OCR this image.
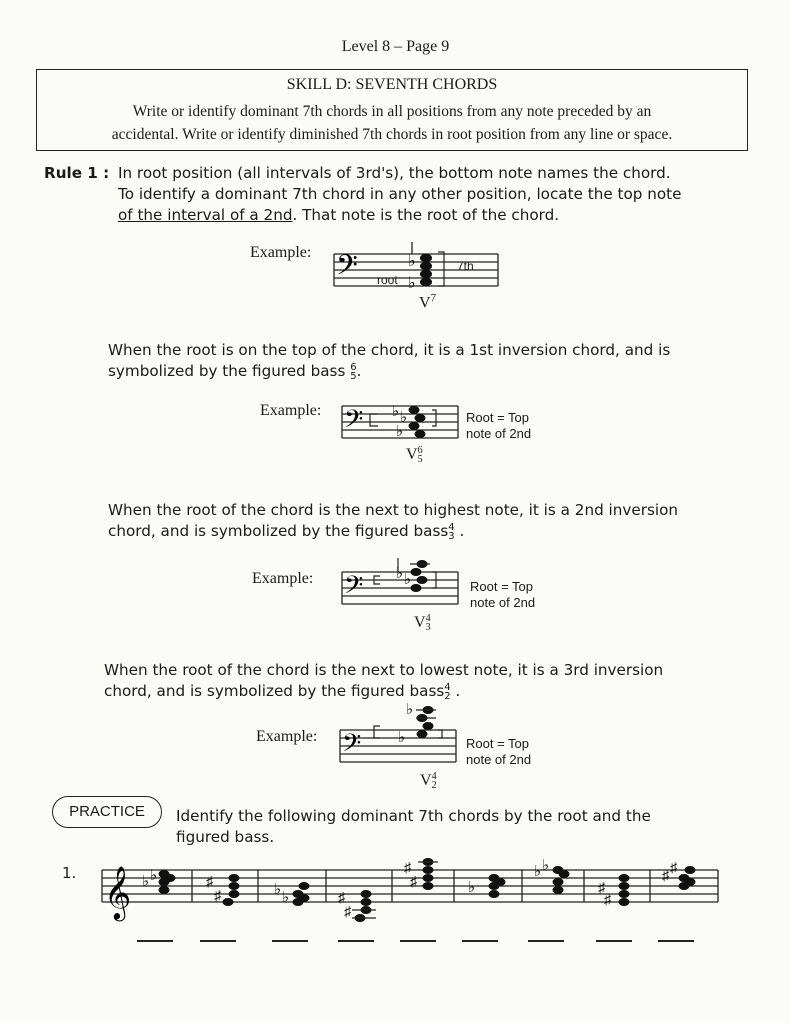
Level 8 – Page 9
SKILL D: SEVENTH CHORDS
Write or identify dominant 7th chords in all positions from any note preceded by an
accidental. Write or identify diminished 7th chords in root position from any line or space.
Rule 1 : In root position (all intervals of 3rd's), the bottom note names the chord.
To identify a dominant 7th chord in any other position, locate the top note
of the interval of a 2nd. That note is the root of the chord.
Example: 𝄢	♭
♭
root
7th
$V^7$
When the root is on the top of the chord, it is a 1st inversion chord, and is
symbolized by the figured bass 6
5.
Example: 𝄢 ♭ ♭
♭
Root = Top
note of 2nd
V6
5
When the root of the chord is the next to highest note, it is a 2nd inversion
chord, and is symbolized by the figured bass4
3 .
Example: 𝄢 ♭ ♭	Root = Top
note of 2nd
V4
3
When the root of the chord is the next to lowest note, it is a 3rd inversion
chord, and is symbolized by the figured bass4
2 .
Example: 𝄢 ♭
♭
Root = Top
note of 2nd
V4
2
PRACTICE	Identify the following dominant 7th chords by the root and the
figured bass.
1. 𝄞 ♭ ♭	♯
♯	♭ ♭	♯
♯
♯
♯	♭
♭ ♭
♯
♯
♯
♯
